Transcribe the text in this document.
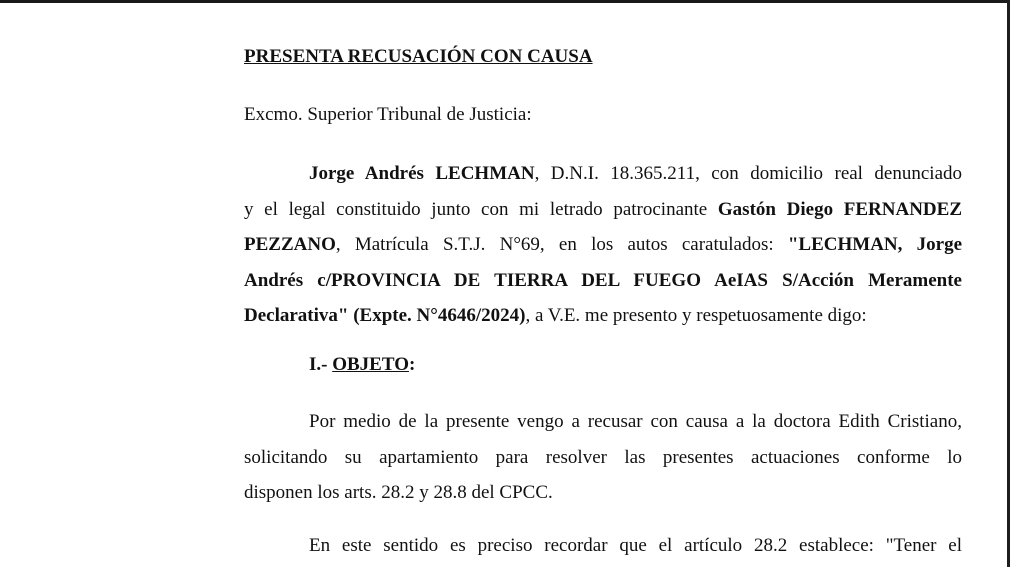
PRESENTA RECUSACIÓN CON CAUSA
Excmo. Superior Tribunal de Justicia:
Jorge Andrés LECHMAN, D.N.I. 18.365.211, con domicilio real denunciado
y el legal constituido junto con mi letrado patrocinante Gastón Diego FERNANDEZ
PEZZANO, Matrícula S.T.J. N°69, en los autos caratulados: "LECHMAN, Jorge
Andrés c/PROVINCIA DE TIERRA DEL FUEGO AeIAS S/Acción Meramente
Declarativa" (Expte. N°4646/2024), a V.E. me presento y respetuosamente digo:
I.- OBJETO:
Por medio de la presente vengo a recusar con causa a la doctora Edith Cristiano,
solicitando su apartamiento para resolver las presentes actuaciones conforme lo
disponen los arts. 28.2 y 28.8 del CPCC.
En este sentido es preciso recordar que el artículo 28.2 establece: "Tener el
